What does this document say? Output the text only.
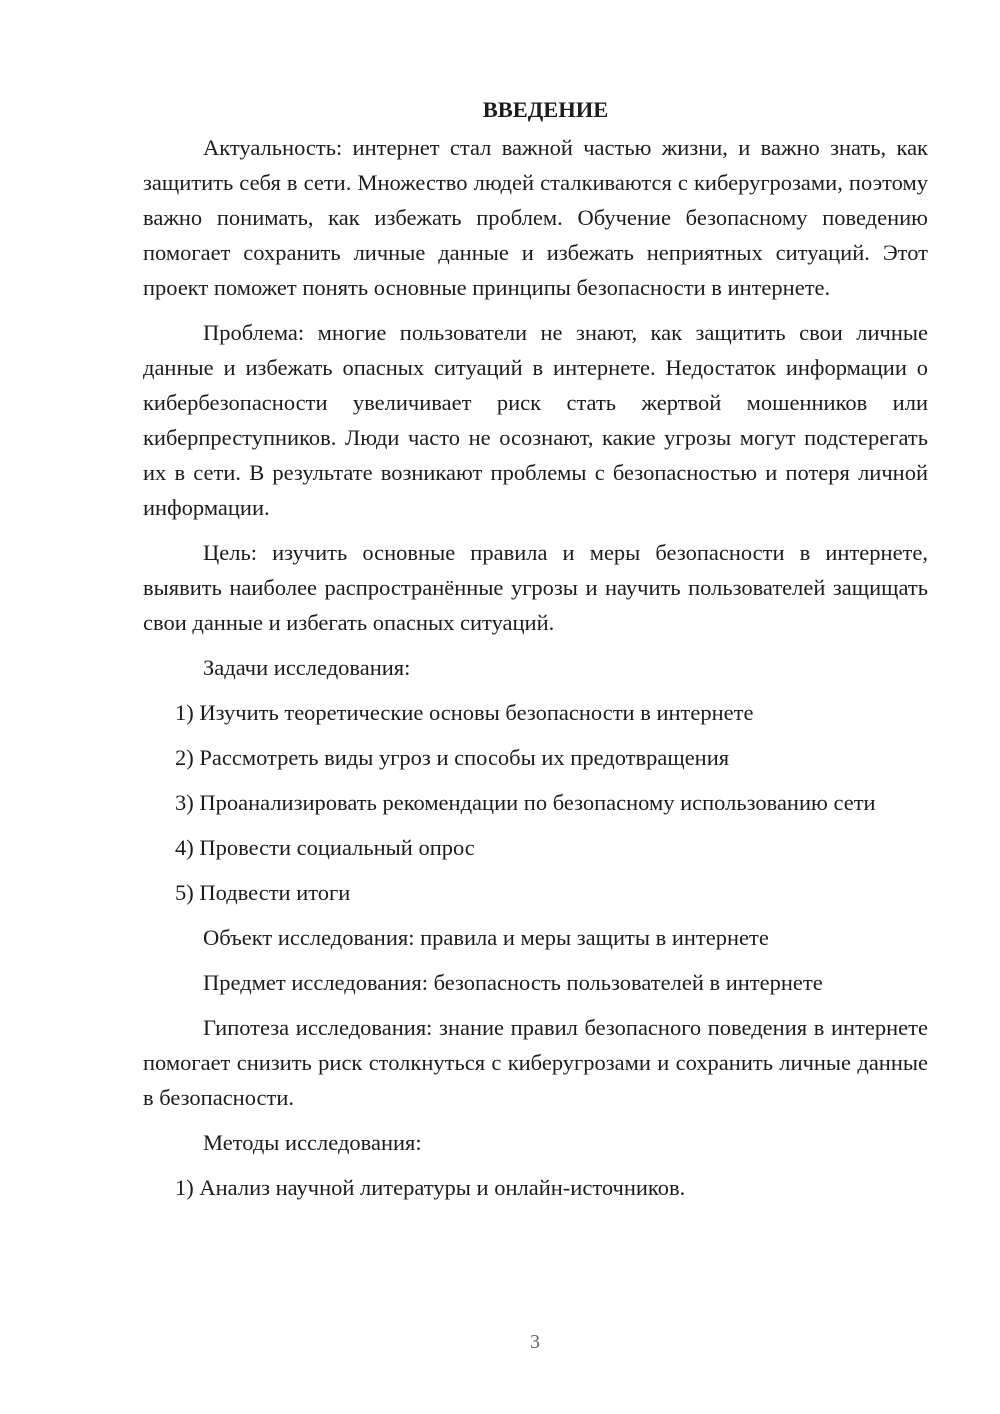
ВВЕДЕНИЕ

Актуальность: интернет стал важной частью жизни, и важно знать, как защитить себя в сети. Множество людей сталкиваются с киберугрозами, поэтому важно понимать, как избежать проблем. Обучение безопасному поведению помогает сохранить личные данные и избежать неприятных ситуаций. Этот проект поможет понять основные принципы безопасности в интернете.

Проблема: многие пользователи не знают, как защитить свои личные данные и избежать опасных ситуаций в интернете. Недостаток информации о кибербезопасности увеличивает риск стать жертвой мошенников или киберпреступников. Люди часто не осознают, какие угрозы могут подстерегать их в сети. В результате возникают проблемы с безопасностью и потеря личной информации.

Цель: изучить основные правила и меры безопасности в интернете, выявить наиболее распространённые угрозы и научить пользователей защищать свои данные и избегать опасных ситуаций.

Задачи исследования:
1) Изучить теоретические основы безопасности в интернете
2) Рассмотреть виды угроз и способы их предотвращения
3) Проанализировать рекомендации по безопасному использованию сети
4) Провести социальный опрос
5) Подвести итоги
Объект исследования: правила и меры защиты в интернете
Предмет исследования: безопасность пользователей в интернете

Гипотеза исследования: знание правил безопасного поведения в интернете помогает снизить риск столкнуться с киберугрозами и сохранить личные данные в безопасности.

Методы исследования:
1) Анализ научной литературы и онлайн-источников.
3
